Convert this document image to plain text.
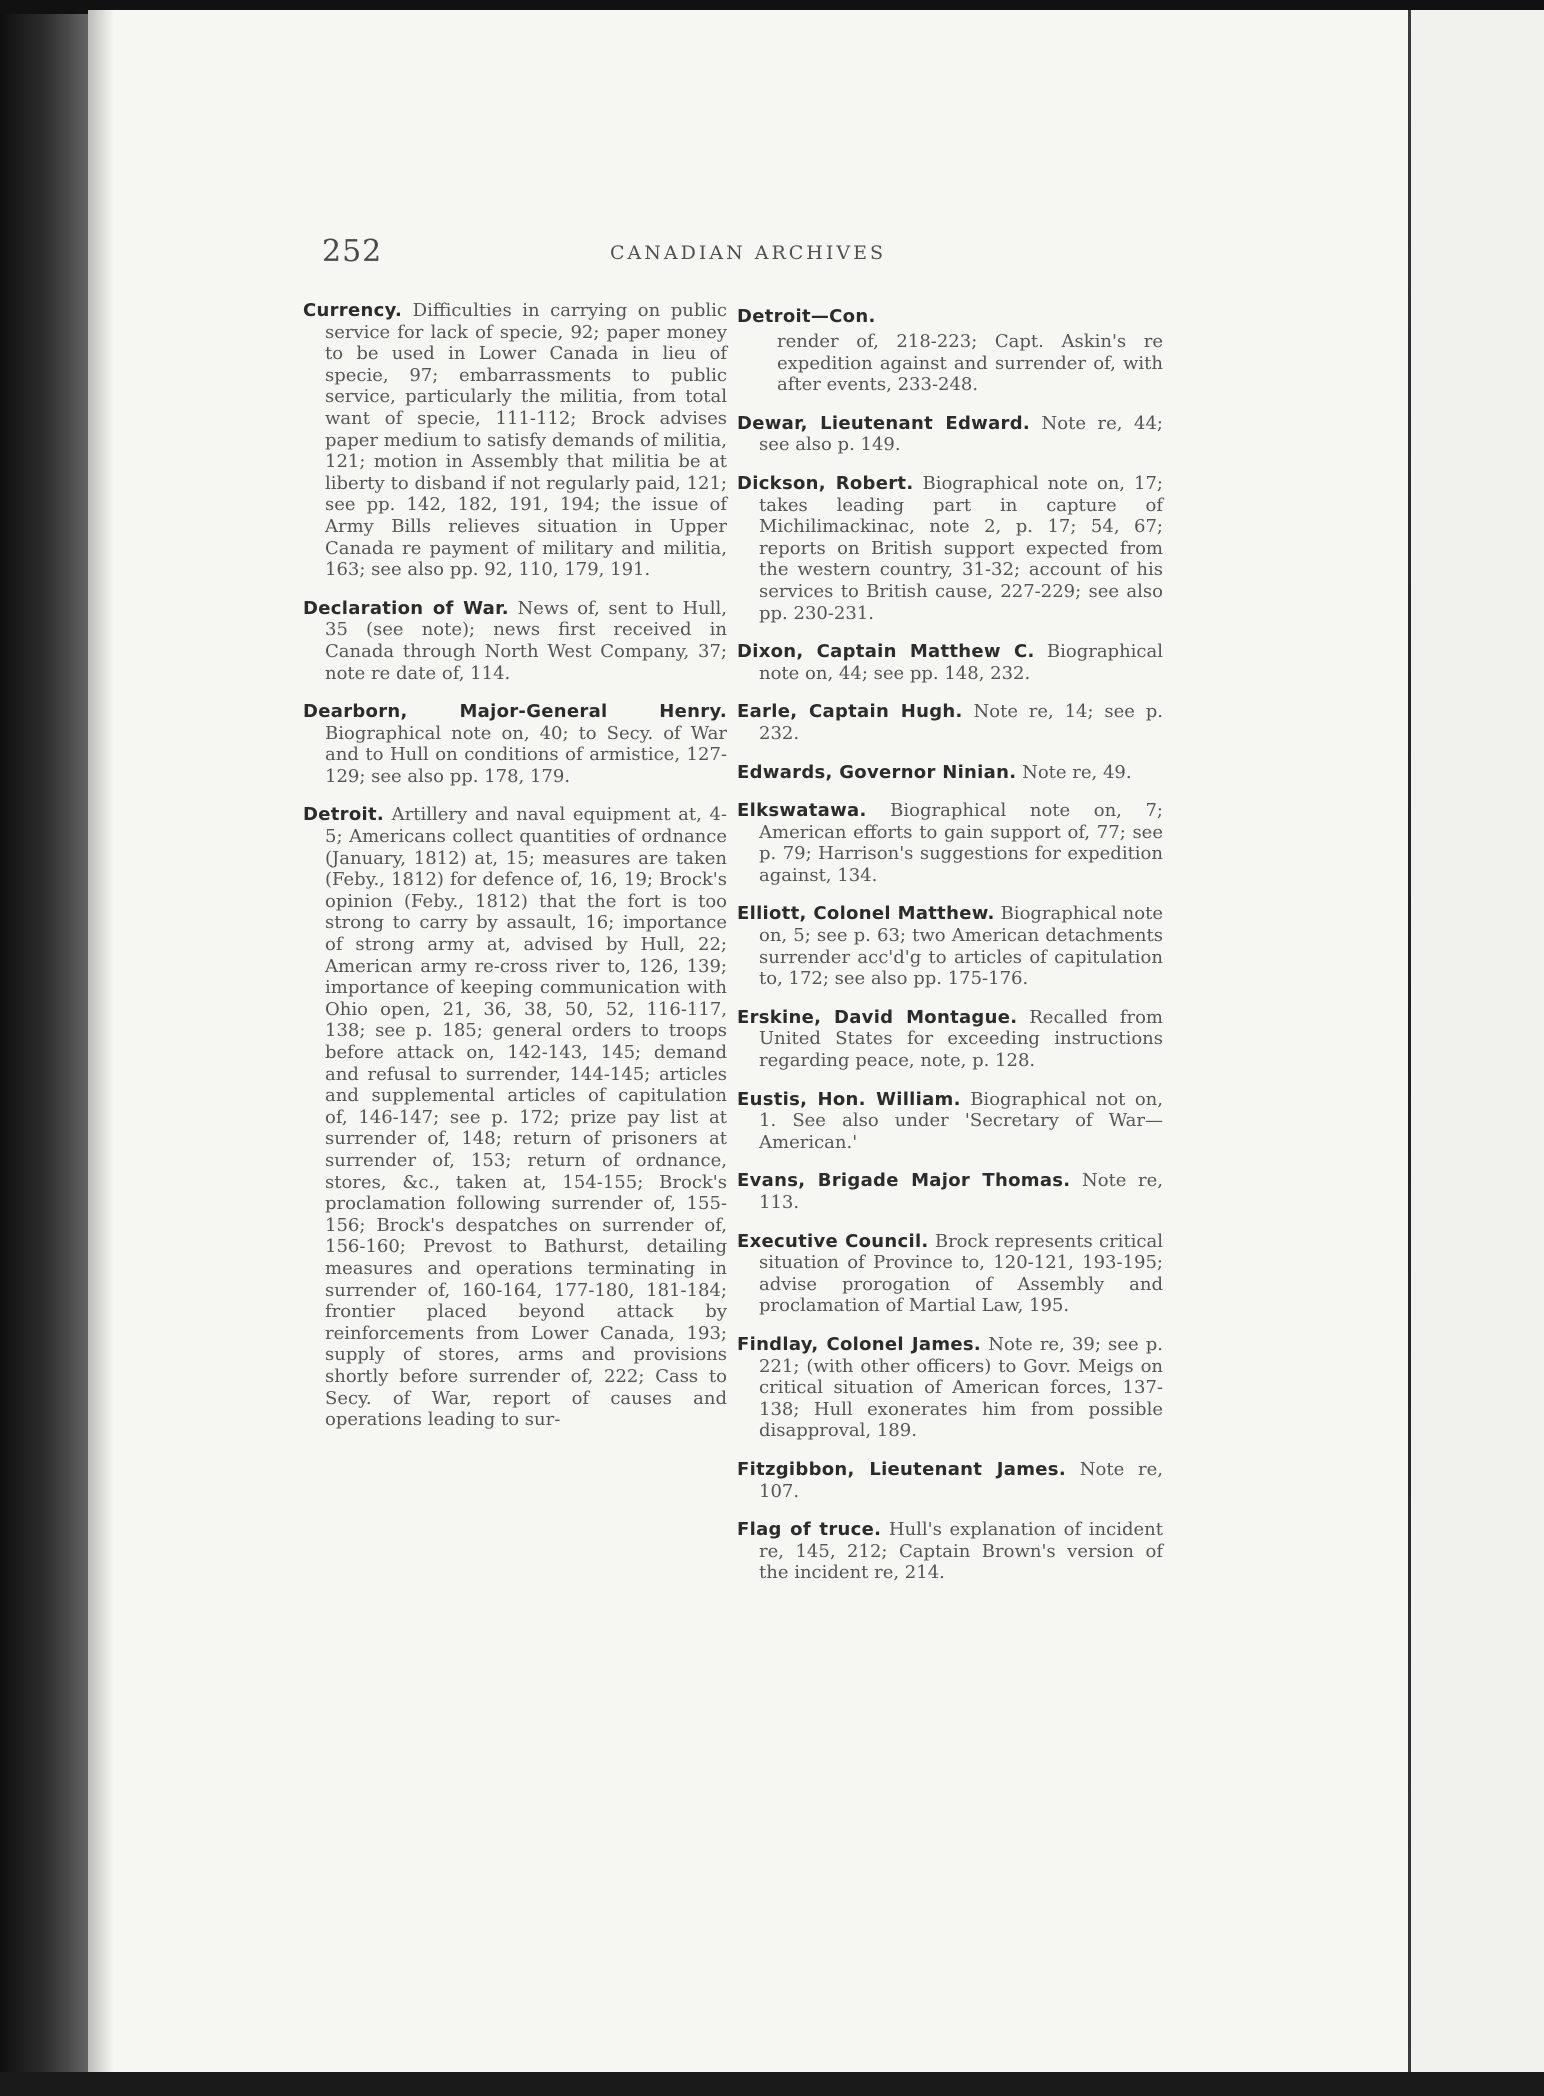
252	CANADIAN ARCHIVES

Currency. Difficulties in carrying on public service for lack of specie, 92; paper money to be used in Lower Canada in lieu of specie, 97; embarrassments to public service, particularly the militia, from total want of specie, 111-112; Brock advises paper medium to satisfy demands of militia, 121; motion in Assembly that militia be at liberty to disband if not regularly paid, 121; see pp. 142, 182, 191, 194; the issue of Army Bills relieves situation in Upper Canada re payment of military and militia, 163; see also pp. 92, 110, 179, 191.

Declaration of War. News of, sent to Hull, 35 (see note); news first received in Canada through North West Company, 37; note re date of, 114.

Dearborn, Major-General Henry. Biographical note on, 40; to Secy. of War and to Hull on conditions of armistice, 127-129; see also pp. 178, 179.

Detroit. Artillery and naval equipment at, 4-5; Americans collect quantities of ordnance (January, 1812) at, 15; measures are taken (Feby., 1812) for defence of, 16, 19; Brock's opinion (Feby., 1812) that the fort is too strong to carry by assault, 16; importance of strong army at, advised by Hull, 22; American army re-cross river to, 126, 139; importance of keeping communication with Ohio open, 21, 36, 38, 50, 52, 116-117, 138; see p. 185; general orders to troops before attack on, 142-143, 145; demand and refusal to surrender, 144-145; articles and supplemental articles of capitulation of, 146-147; see p. 172; prize pay list at surrender of, 148; return of prisoners at surrender of, 153; return of ordnance, stores, &c., taken at, 154-155; Brock's proclamation following surrender of, 155-156; Brock's despatches on surrender of, 156-160; Prevost to Bathurst, detailing measures and operations terminating in surrender of, 160-164, 177-180, 181-184; frontier placed beyond attack by reinforcements from Lower Canada, 193; supply of stores, arms and provisions shortly before surrender of, 222; Cass to Secy. of War, report of causes and operations leading to sur-

Detroit—Con.

render of, 218-223; Capt. Askin's re expedition against and surrender of, with after events, 233-248.

Dewar, Lieutenant Edward. Note re, 44; see also p. 149.

Dickson, Robert. Biographical note on, 17; takes leading part in capture of Michilimackinac, note 2, p. 17; 54, 67; reports on British support expected from the western country, 31-32; account of his services to British cause, 227-229; see also pp. 230-231.

Dixon, Captain Matthew C. Biographical note on, 44; see pp. 148, 232.

Earle, Captain Hugh. Note re, 14; see p. 232.

Edwards, Governor Ninian. Note re, 49.

Elkswatawa. Biographical note on, 7; American efforts to gain support of, 77; see p. 79; Harrison's suggestions for expedition against, 134.

Elliott, Colonel Matthew. Biographical note on, 5; see p. 63; two American detachments surrender acc'd'g to articles of capitulation to, 172; see also pp. 175-176.

Erskine, David Montague. Recalled from United States for exceeding instructions regarding peace, note, p. 128.

Eustis, Hon. William. Biographical not on, 1. See also under 'Secretary of War—American.'

Evans, Brigade Major Thomas. Note re, 113.

Executive Council. Brock represents critical situation of Province to, 120-121, 193-195; advise prorogation of Assembly and proclamation of Martial Law, 195.

Findlay, Colonel James. Note re, 39; see p. 221; (with other officers) to Govr. Meigs on critical situation of American forces, 137-138; Hull exonerates him from possible disapproval, 189.

Fitzgibbon, Lieutenant James. Note re, 107.

Flag of truce. Hull's explanation of incident re, 145, 212; Captain Brown's version of the incident re, 214.
